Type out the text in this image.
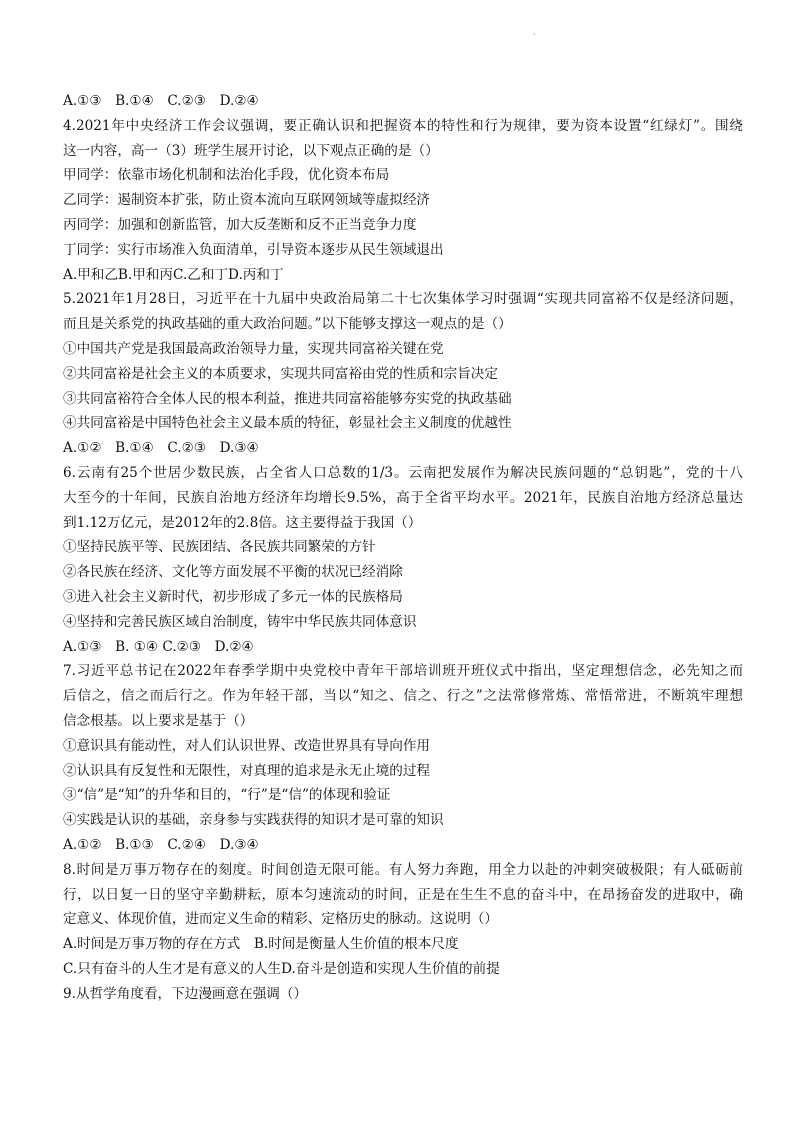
·
A.①③　B.①④　C.②③　D.②④
4.2021年中央经济工作会议强调，要正确认识和把握资本的特性和行为规律，要为资本设置“红绿灯”。围绕
这一内容，高一（3）班学生展开讨论，以下观点正确的是（）
甲同学：依靠市场化机制和法治化手段，优化资本布局
乙同学：遏制资本扩张，防止资本流向互联网领域等虚拟经济
丙同学：加强和创新监管，加大反垄断和反不正当竞争力度
丁同学：实行市场准入负面清单，引导资本逐步从民生领域退出
A.甲和乙B.甲和丙C.乙和丁D.丙和丁
5.2021年1月28日，习近平在十九届中央政治局第二十七次集体学习时强调“实现共同富裕不仅是经济问题，
而且是关系党的执政基础的重大政治问题。”以下能够支撑这一观点的是（）
①中国共产党是我国最高政治领导力量，实现共同富裕关键在党
②共同富裕是社会主义的本质要求，实现共同富裕由党的性质和宗旨决定
③共同富裕符合全体人民的根本利益，推进共同富裕能够夯实党的执政基础
④共同富裕是中国特色社会主义最本质的特征，彰显社会主义制度的优越性
A.①②　B.①④　C.②③　D.③④
6.云南有25个世居少数民族，占全省人口总数的1/3。云南把发展作为解决民族问题的“总钥匙”，党的十八
大至今的十年间，民族自治地方经济年均增长9.5%，高于全省平均水平。2021年，民族自治地方经济总量达
到1.12万亿元，是2012年的2.8倍。这主要得益于我国（）
①坚持民族平等、民族团结、各民族共同繁荣的方针
②各民族在经济、文化等方面发展不平衡的状况已经消除
③进入社会主义新时代，初步形成了多元一体的民族格局
④坚持和完善民族区域自治制度，铸牢中华民族共同体意识
A.①③　B. ①④ C.②③　D.②④
7.习近平总书记在2022年春季学期中央党校中青年干部培训班开班仪式中指出，坚定理想信念，必先知之而
后信之，信之而后行之。作为年轻干部，当以“知之、信之、行之”之法常修常炼、常悟常进，不断筑牢理想
信念根基。以上要求是基于（）
①意识具有能动性，对人们认识世界、改造世界具有导向作用
②认识具有反复性和无限性，对真理的追求是永无止境的过程
③“信”是“知”的升华和目的，“行”是“信”的体现和验证
④实践是认识的基础，亲身参与实践获得的知识才是可靠的知识
A.①②　B.①③　C.②④　D.③④
8.时间是万事万物存在的刻度。时间创造无限可能。有人努力奔跑，用全力以赴的冲刺突破极限；有人砥砺前
行，以日复一日的坚守辛勤耕耘，原本匀速流动的时间，正是在生生不息的奋斗中，在昂扬奋发的进取中，确
定意义、体现价值，进而定义生命的精彩、定格历史的脉动。这说明（）
A.时间是万事万物的存在方式　B.时间是衡量人生价值的根本尺度
C.只有奋斗的人生才是有意义的人生D.奋斗是创造和实现人生价值的前提
9.从哲学角度看，下边漫画意在强调（）
